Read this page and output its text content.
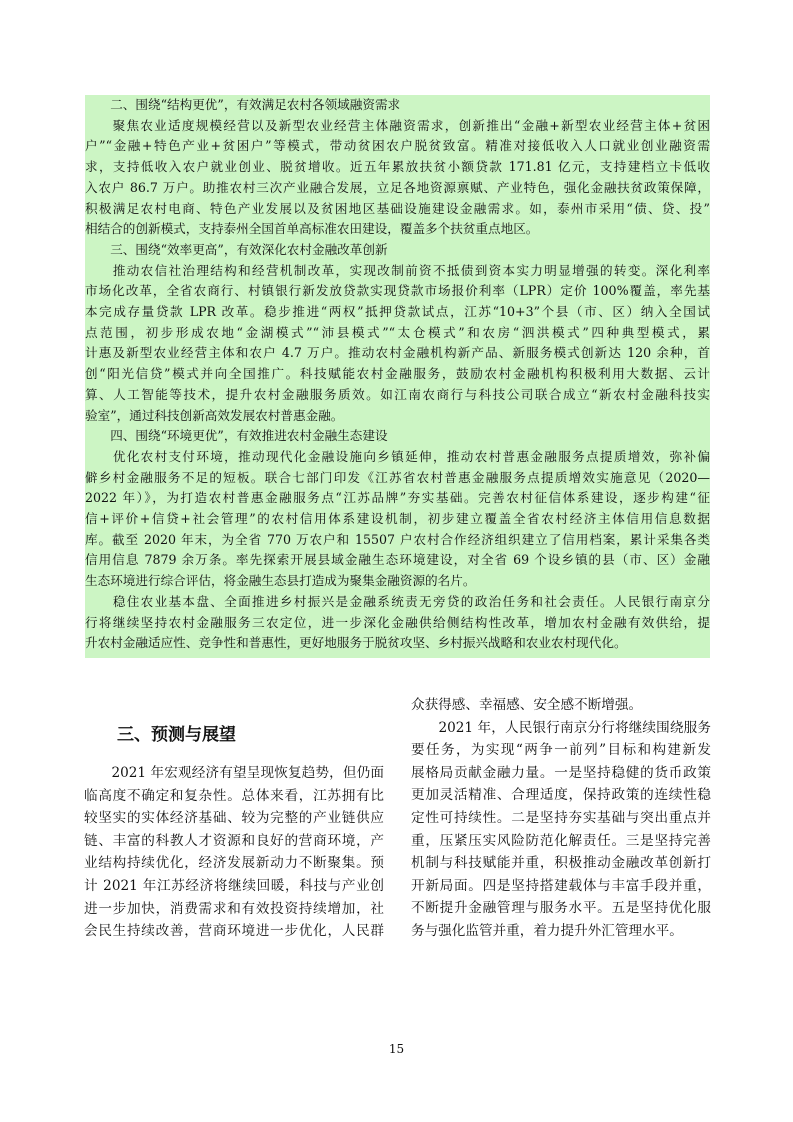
　　二、围绕“结构更优”，有效满足农村各领域融资需求
　　聚焦农业适度规模经营以及新型农业经营主体融资需求，创新推出“金融+新型农业经营主体+贫困
户”“金融+特色产业+贫困户”等模式，带动贫困农户脱贫致富。精准对接低收入人口就业创业融资需
求，支持低收入农户就业创业、脱贫增收。近五年累放扶贫小额贷款 171.81 亿元，支持建档立卡低收
入农户 86.7 万户。助推农村三次产业融合发展，立足各地资源禀赋、产业特色，强化金融扶贫政策保障，
积极满足农村电商、特色产业发展以及贫困地区基础设施建设金融需求。如，泰州市采用“债、贷、投”
相结合的创新模式，支持泰州全国首单高标准农田建设，覆盖多个扶贫重点地区。
　　三、围绕“效率更高”，有效深化农村金融改革创新
　　推动农信社治理结构和经营机制改革，实现改制前资不抵债到资本实力明显增强的转变。深化利率
市场化改革，全省农商行、村镇银行新发放贷款实现贷款市场报价利率（LPR）定价 100%覆盖，率先基
本完成存量贷款 LPR 改革。稳步推进“两权”抵押贷款试点，江苏“10+3”个县（市、区）纳入全国试
点范围，初步形成农地“金湖模式”“沛县模式”“太仓模式”和农房“泗洪模式”四种典型模式，累
计惠及新型农业经营主体和农户 4.7 万户。推动农村金融机构新产品、新服务模式创新达 120 余种，首
创“阳光信贷”模式并向全国推广。科技赋能农村金融服务，鼓励农村金融机构积极利用大数据、云计
算、人工智能等技术，提升农村金融服务质效。如江南农商行与科技公司联合成立“新农村金融科技实
验室”，通过科技创新高效发展农村普惠金融。
　　四、围绕“环境更优”，有效推进农村金融生态建设
　　优化农村支付环境，推动现代化金融设施向乡镇延伸，推动农村普惠金融服务点提质增效，弥补偏
僻乡村金融服务不足的短板。联合七部门印发《江苏省农村普惠金融服务点提质增效实施意见（2020—
2022 年）》，为打造农村普惠金融服务点“江苏品牌”夯实基础。完善农村征信体系建设，逐步构建“征
信+评价+信贷+社会管理”的农村信用体系建设机制，初步建立覆盖全省农村经济主体信用信息数据
库。截至 2020 年末，为全省 770 万农户和 15507 户农村合作经济组织建立了信用档案，累计采集各类
信用信息 7879 余万条。率先探索开展县域金融生态环境建设，对全省 69 个设乡镇的县（市、区）金融
生态环境进行综合评估，将金融生态县打造成为聚集金融资源的名片。
　　稳住农业基本盘、全面推进乡村振兴是金融系统责无旁贷的政治任务和社会责任。人民银行南京分
行将继续坚持农村金融服务三农定位，进一步深化金融供给侧结构性改革，增加农村金融有效供给，提
升农村金融适应性、竞争性和普惠性，更好地服务于脱贫攻坚、乡村振兴战略和农业农村现代化。
三、预测与展望
　　2021 年宏观经济有望呈现恢复趋势，但仍面
临高度不确定和复杂性。总体来看，江苏拥有比
较坚实的实体经济基础、较为完整的产业链供应
链、丰富的科教人才资源和良好的营商环境，产
业结构持续优化，经济发展新动力不断聚集。预
计 2021 年江苏经济将继续回暖，科技与产业创
进一步加快，消费需求和有效投资持续增加，社
会民生持续改善，营商环境进一步优化，人民群
众获得感、幸福感、安全感不断增强。
　　2021 年，人民银行南京分行将继续围绕服务
要任务，为实现“两争一前列”目标和构建新发
展格局贡献金融力量。一是坚持稳健的货币政策
更加灵活精准、合理适度，保持政策的连续性稳
定性可持续性。二是坚持夯实基础与突出重点并
重，压紧压实风险防范化解责任。三是坚持完善
机制与科技赋能并重，积极推动金融改革创新打
开新局面。四是坚持搭建载体与丰富手段并重，
不断提升金融管理与服务水平。五是坚持优化服
务与强化监管并重，着力提升外汇管理水平。
15
